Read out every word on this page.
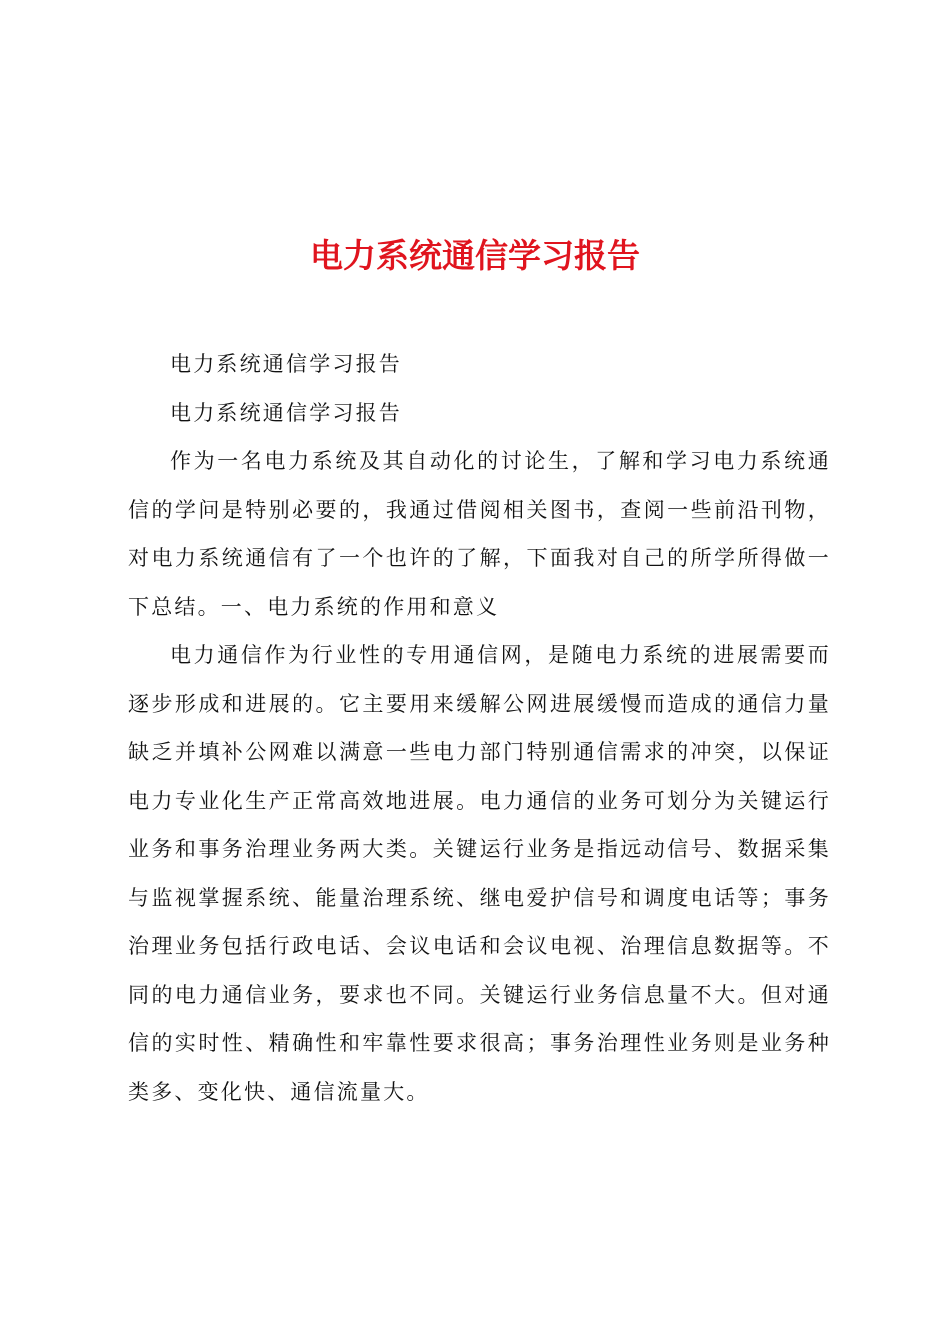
电力系统通信学习报告

电力系统通信学习报告

电力系统通信学习报告

作为一名电力系统及其自动化的讨论生，了解和学习电力系统通信的学问是特别必要的，我通过借阅相关图书，查阅一些前沿刊物，对电力系统通信有了一个也许的了解，下面我对自己的所学所得做一下总结。一、电力系统的作用和意义

电力通信作为行业性的专用通信网，是随电力系统的进展需要而逐步形成和进展的。它主要用来缓解公网进展缓慢而造成的通信力量缺乏并填补公网难以满意一些电力部门特别通信需求的冲突，以保证电力专业化生产正常高效地进展。电力通信的业务可划分为关键运行业务和事务治理业务两大类。关键运行业务是指远动信号、数据采集与监视掌握系统、能量治理系统、继电爱护信号和调度电话等；事务治理业务包括行政电话、会议电话和会议电视、治理信息数据等。不同的电力通信业务，要求也不同。关键运行业务信息量不大。但对通信的实时性、精确性和牢靠性要求很高；事务治理性业务则是业务种类多、变化快、通信流量大。
